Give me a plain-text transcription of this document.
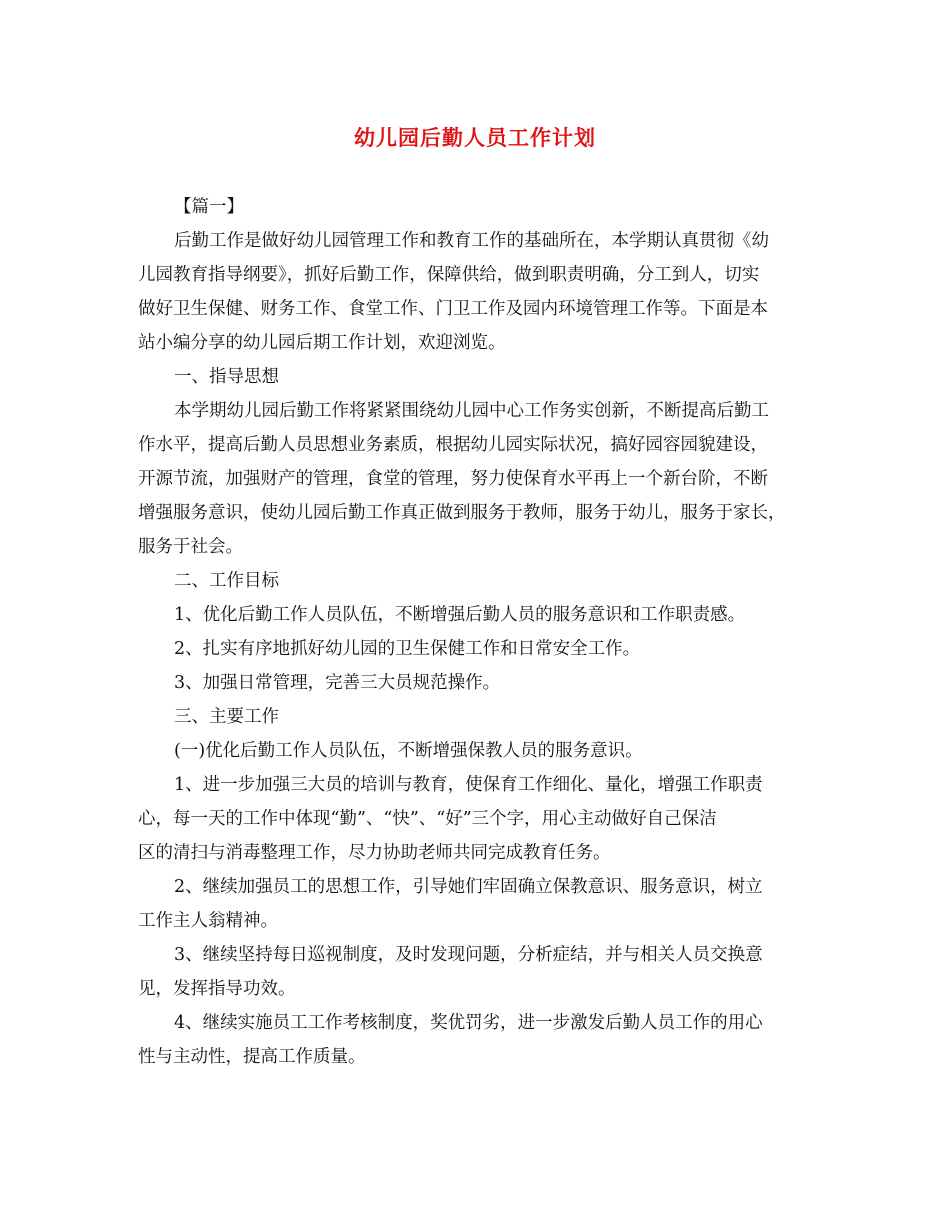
幼儿园后勤人员工作计划
【篇一】
后勤工作是做好幼儿园管理工作和教育工作的基础所在，本学期认真贯彻《幼
儿园教育指导纲要》，抓好后勤工作，保障供给，做到职责明确，分工到人，切实
做好卫生保健、财务工作、食堂工作、门卫工作及园内环境管理工作等。下面是本
站小编分享的幼儿园后期工作计划，欢迎浏览。
一、指导思想
本学期幼儿园后勤工作将紧紧围绕幼儿园中心工作务实创新，不断提高后勤工
作水平，提高后勤人员思想业务素质，根据幼儿园实际状况，搞好园容园貌建设，
开源节流，加强财产的管理，食堂的管理，努力使保育水平再上一个新台阶，不断
增强服务意识，使幼儿园后勤工作真正做到服务于教师，服务于幼儿，服务于家长，
服务于社会。
二、工作目标
1、优化后勤工作人员队伍，不断增强后勤人员的服务意识和工作职责感。
2、扎实有序地抓好幼儿园的卫生保健工作和日常安全工作。
3、加强日常管理，完善三大员规范操作。
三、主要工作
(一)优化后勤工作人员队伍，不断增强保教人员的服务意识。
1、进一步加强三大员的培训与教育，使保育工作细化、量化，增强工作职责
心，每一天的工作中体现“勤”、“快”、“好”三个字，用心主动做好自己保洁
区的清扫与消毒整理工作，尽力协助老师共同完成教育任务。
2、继续加强员工的思想工作，引导她们牢固确立保教意识、服务意识，树立
工作主人翁精神。
3、继续坚持每日巡视制度，及时发现问题，分析症结，并与相关人员交换意
见，发挥指导功效。
4、继续实施员工工作考核制度，奖优罚劣，进一步激发后勤人员工作的用心
性与主动性，提高工作质量。
